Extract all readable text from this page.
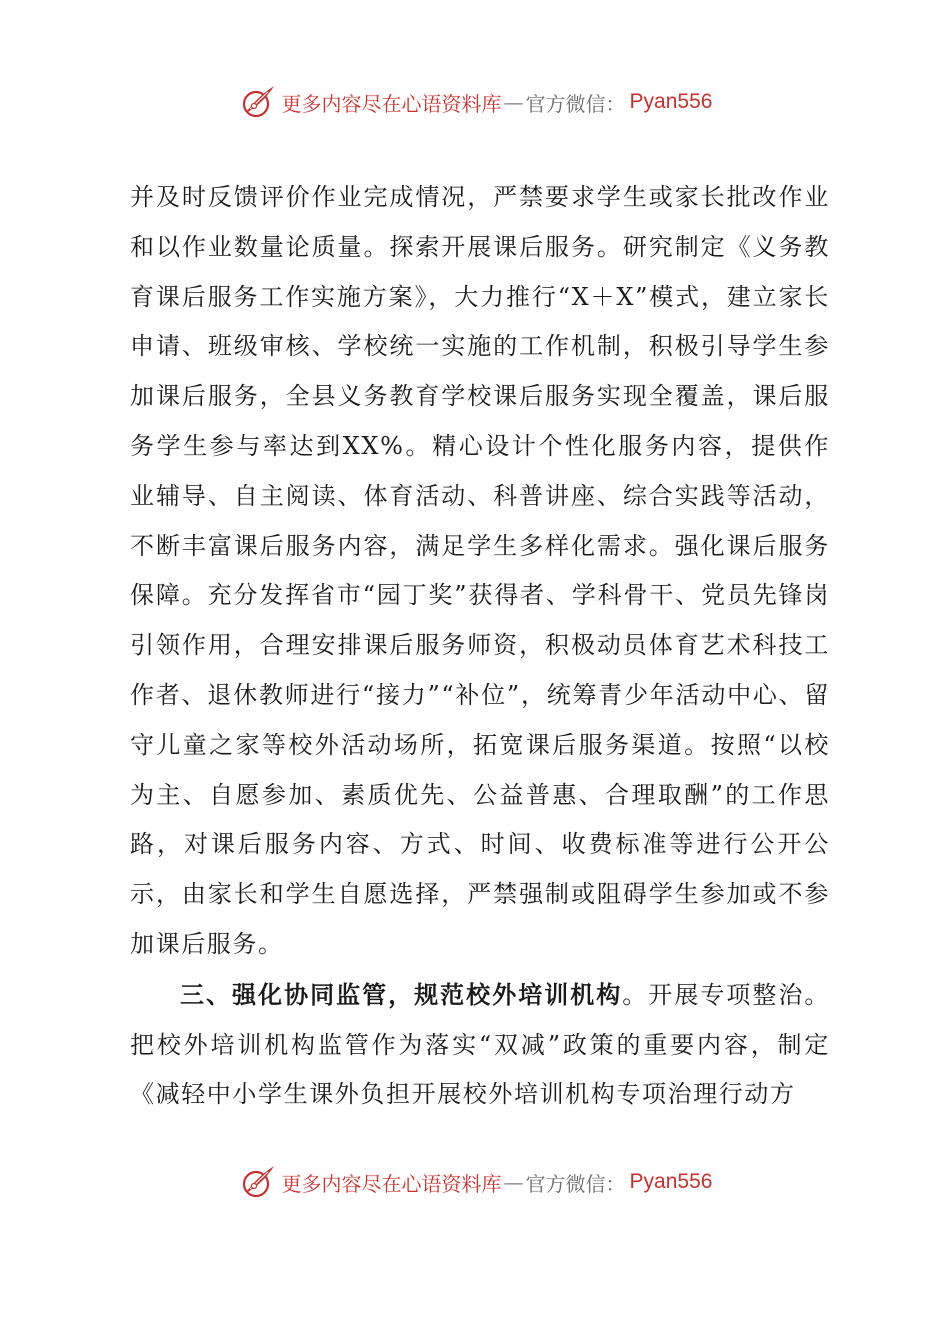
更多内容尽在心语资料库 — 官方微信： Pyan556

并及时反馈评价作业完成情况，严禁要求学生或家长批改作业和以作业数量论质量。探索开展课后服务。研究制定《义务教育课后服务工作实施方案》，大力推行“X＋X”模式，建立家长申请、班级审核、学校统一实施的工作机制，积极引导学生参加课后服务，全县义务教育学校课后服务实现全覆盖，课后服务学生参与率达到XX%。精心设计个性化服务内容，提供作业辅导、自主阅读、体育活动、科普讲座、综合实践等活动，不断丰富课后服务内容，满足学生多样化需求。强化课后服务保障。充分发挥省市“园丁奖”获得者、学科骨干、党员先锋岗引领作用，合理安排课后服务师资，积极动员体育艺术科技工作者、退休教师进行“接力”“补位”，统筹青少年活动中心、留守儿童之家等校外活动场所，拓宽课后服务渠道。按照“以校为主、自愿参加、素质优先、公益普惠、合理取酬”的工作思路，对课后服务内容、方式、时间、收费标准等进行公开公示，由家长和学生自愿选择，严禁强制或阻碍学生参加或不参加课后服务。

三、强化协同监管，规范校外培训机构。开展专项整治。把校外培训机构监管作为落实“双减”政策的重要内容，制定《减轻中小学生课外负担开展校外培训机构专项治理行动方

更多内容尽在心语资料库 — 官方微信： Pyan556
